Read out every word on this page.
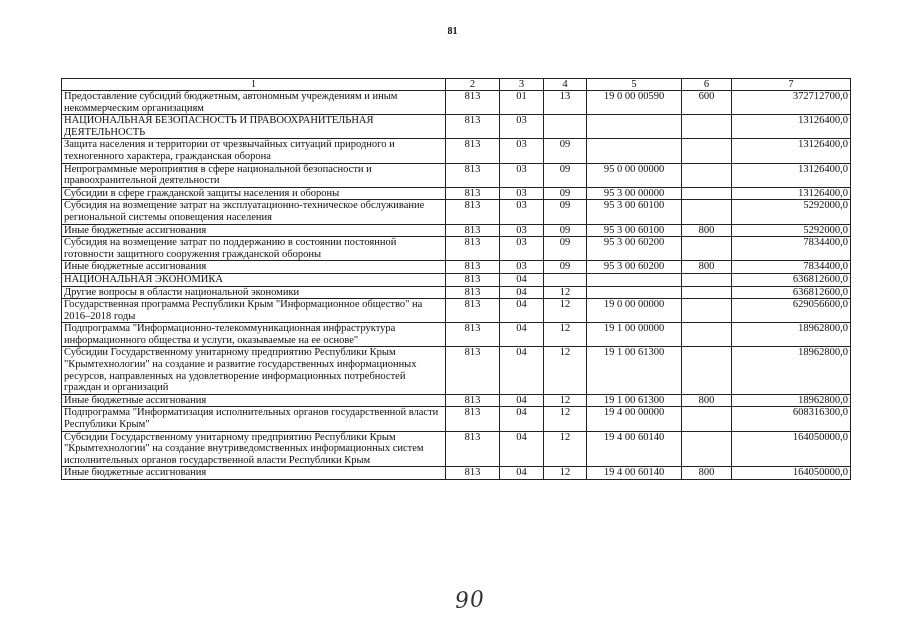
81
1	2	3	4	5	6	7
Предоставление субсидий бюджетным, автономным учреждениям и иным некоммерческим организациям	813	01	13	19 0 00 00590	600	372712700,0
НАЦИОНАЛЬНАЯ БЕЗОПАСНОСТЬ И ПРАВООХРАНИТЕЛЬНАЯ ДЕЯТЕЛЬНОСТЬ	813	03				13126400,0
Защита населения и территории от чрезвычайных ситуаций природного и техногенного характера, гражданская оборона	813	03	09			13126400,0
Непрограммные мероприятия в сфере национальной безопасности и правоохранительной деятельности	813	03	09	95 0 00 00000		13126400,0
Субсидии в сфере гражданской защиты населения и обороны	813	03	09	95 3 00 00000		13126400,0
Субсидия на возмещение затрат на эксплуатационно-техническое обслуживание региональной системы оповещения населения	813	03	09	95 3 00 60100		5292000,0
Иные бюджетные ассигнования	813	03	09	95 3 00 60100	800	5292000,0
Субсидия на возмещение затрат по поддержанию в состоянии постоянной готовности защитного сооружения гражданской обороны	813	03	09	95 3 00 60200		7834400,0
Иные бюджетные ассигнования	813	03	09	95 3 00 60200	800	7834400,0
НАЦИОНАЛЬНАЯ ЭКОНОМИКА	813	04				636812600,0
Другие вопросы в области национальной экономики	813	04	12			636812600,0
Государственная программа Республики Крым "Информационное общество" на 2016–2018 годы	813	04	12	19 0 00 00000		629056600,0
Подпрограмма "Информационно-телекоммуникационная инфраструктура информационного общества и услуги, оказываемые на ее основе"	813	04	12	19 1 00 00000		18962800,0
Субсидии Государственному унитарному предприятию Республики Крым "Крымтехнологии" на создание и развитие государственных информационных ресурсов, направленных на удовлетворение информационных потребностей граждан и организаций	813	04	12	19 1 00 61300		18962800,0
Иные бюджетные ассигнования	813	04	12	19 1 00 61300	800	18962800,0
Подпрограмма "Информатизация исполнительных органов государственной власти Республики Крым"	813	04	12	19 4 00 00000		608316300,0
Субсидии Государственному унитарному предприятию Республики Крым "Крымтехнологии" на создание внутриведомственных информационных систем исполнительных органов государственной власти Республики Крым	813	04	12	19 4 00 60140		164050000,0
Иные бюджетные ассигнования	813	04	12	19 4 00 60140	800	164050000,0
90
